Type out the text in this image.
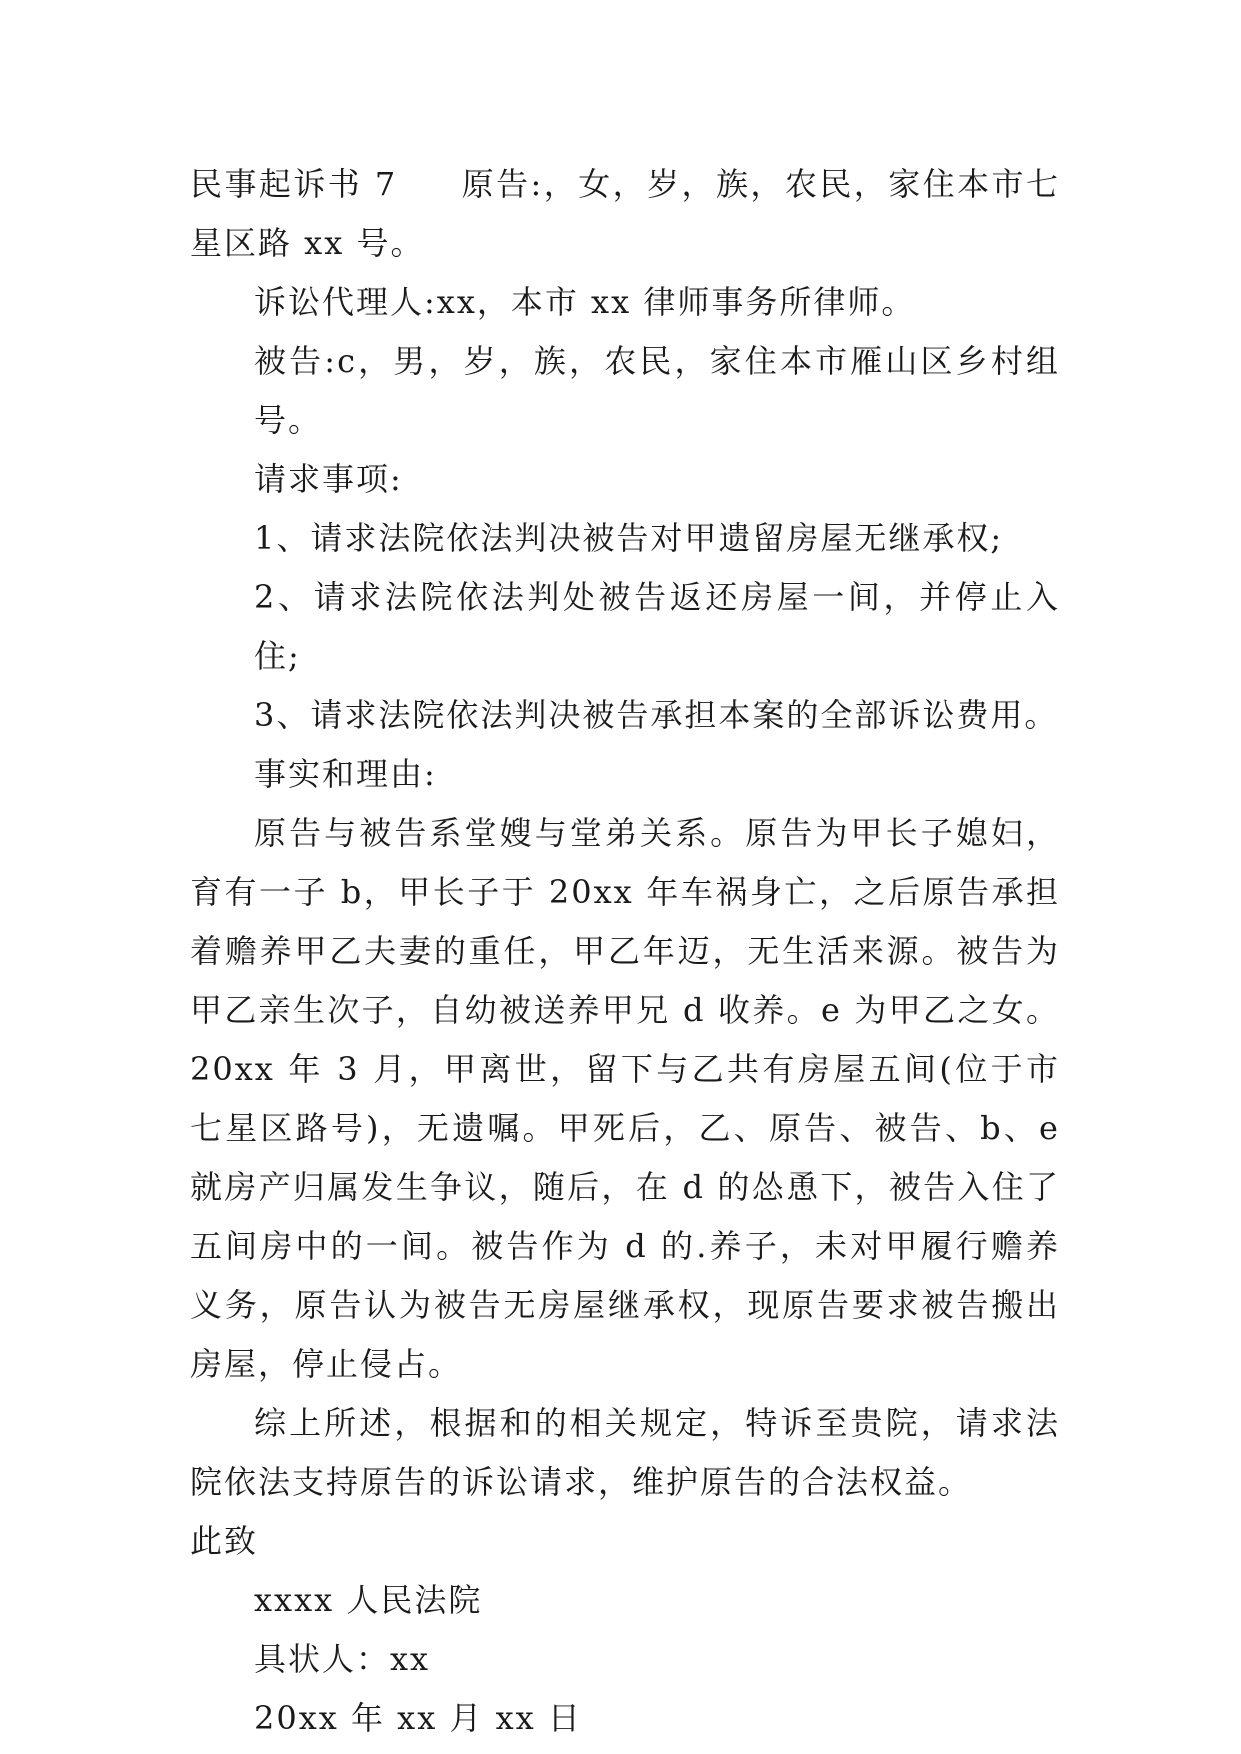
民事起诉书 7 原告:，女，岁，族，农民，家住本市七星区路 xx 号。

诉讼代理人:xx，本市 xx 律师事务所律师。

被告:c，男，岁，族，农民，家住本市雁山区乡村组号。

请求事项:

1、请求法院依法判决被告对甲遗留房屋无继承权;

2、请求法院依法判处被告返还房屋一间，并停止入住;

3、请求法院依法判决被告承担本案的全部诉讼费用。

事实和理由:

原告与被告系堂嫂与堂弟关系。原告为甲长子媳妇，育有一子 b，甲长子于 20xx 年车祸身亡，之后原告承担着赡养甲乙夫妻的重任，甲乙年迈，无生活来源。被告为甲乙亲生次子，自幼被送养甲兄 d 收养。e 为甲乙之女。20xx 年 3 月，甲离世，留下与乙共有房屋五间(位于市七星区路号)，无遗嘱。甲死后，乙、原告、被告、b、e 就房产归属发生争议，随后，在 d 的怂恿下，被告入住了五间房中的一间。被告作为 d 的.养子，未对甲履行赡养义务，原告认为被告无房屋继承权，现原告要求被告搬出房屋，停止侵占。

综上所述，根据和的相关规定，特诉至贵院，请求法院依法支持原告的诉讼请求，维护原告的合法权益。

此致

xxxx 人民法院

具状人：xx

20xx 年 xx 月 xx 日
